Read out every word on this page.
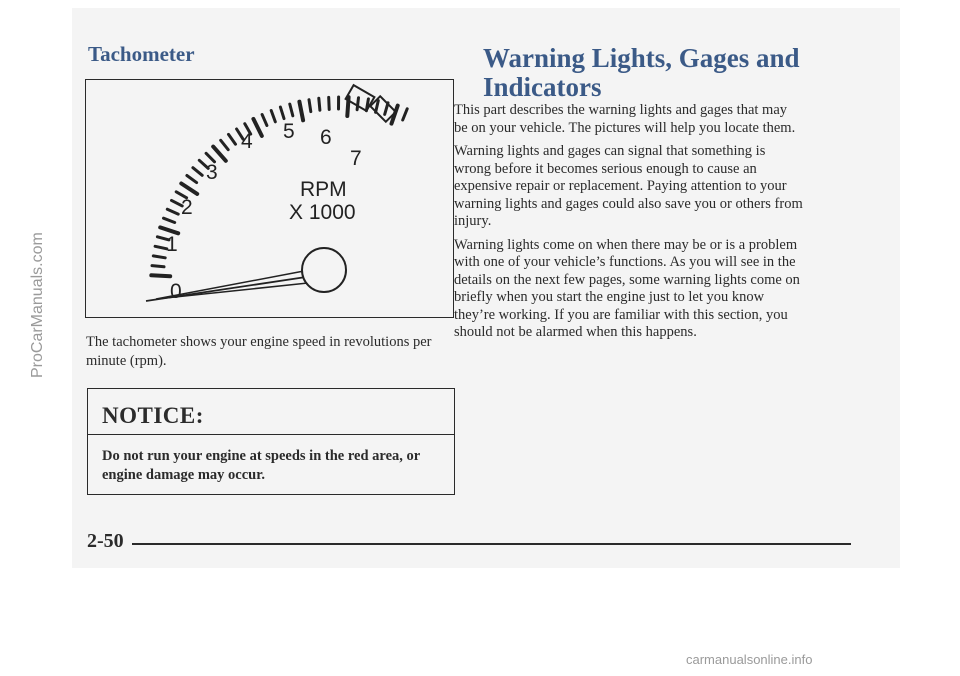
Tachometer
0
1
2
3
4 5 6
7
RPM
X 1000

The tachometer shows your engine speed in revolutions per minute (rpm).

NOTICE:

Do not run your engine at speeds in the red area, or engine damage may occur.

Warning Lights, Gages and Indicators

This part describes the warning lights and gages that may be on your vehicle. The pictures will help you locate them.

Warning lights and gages can signal that something is wrong before it becomes serious enough to cause an expensive repair or replacement. Paying attention to your warning lights and gages could also save you or others from injury.

Warning lights come on when there may be or is a problem with one of your vehicle’s functions. As you will see in the details on the next few pages, some warning lights come on briefly when you start the engine just to let you know they’re working. If you are familiar with this section, you should not be alarmed when this happens.

2-50
ProCarManuals.com
carmanualsonline.info
